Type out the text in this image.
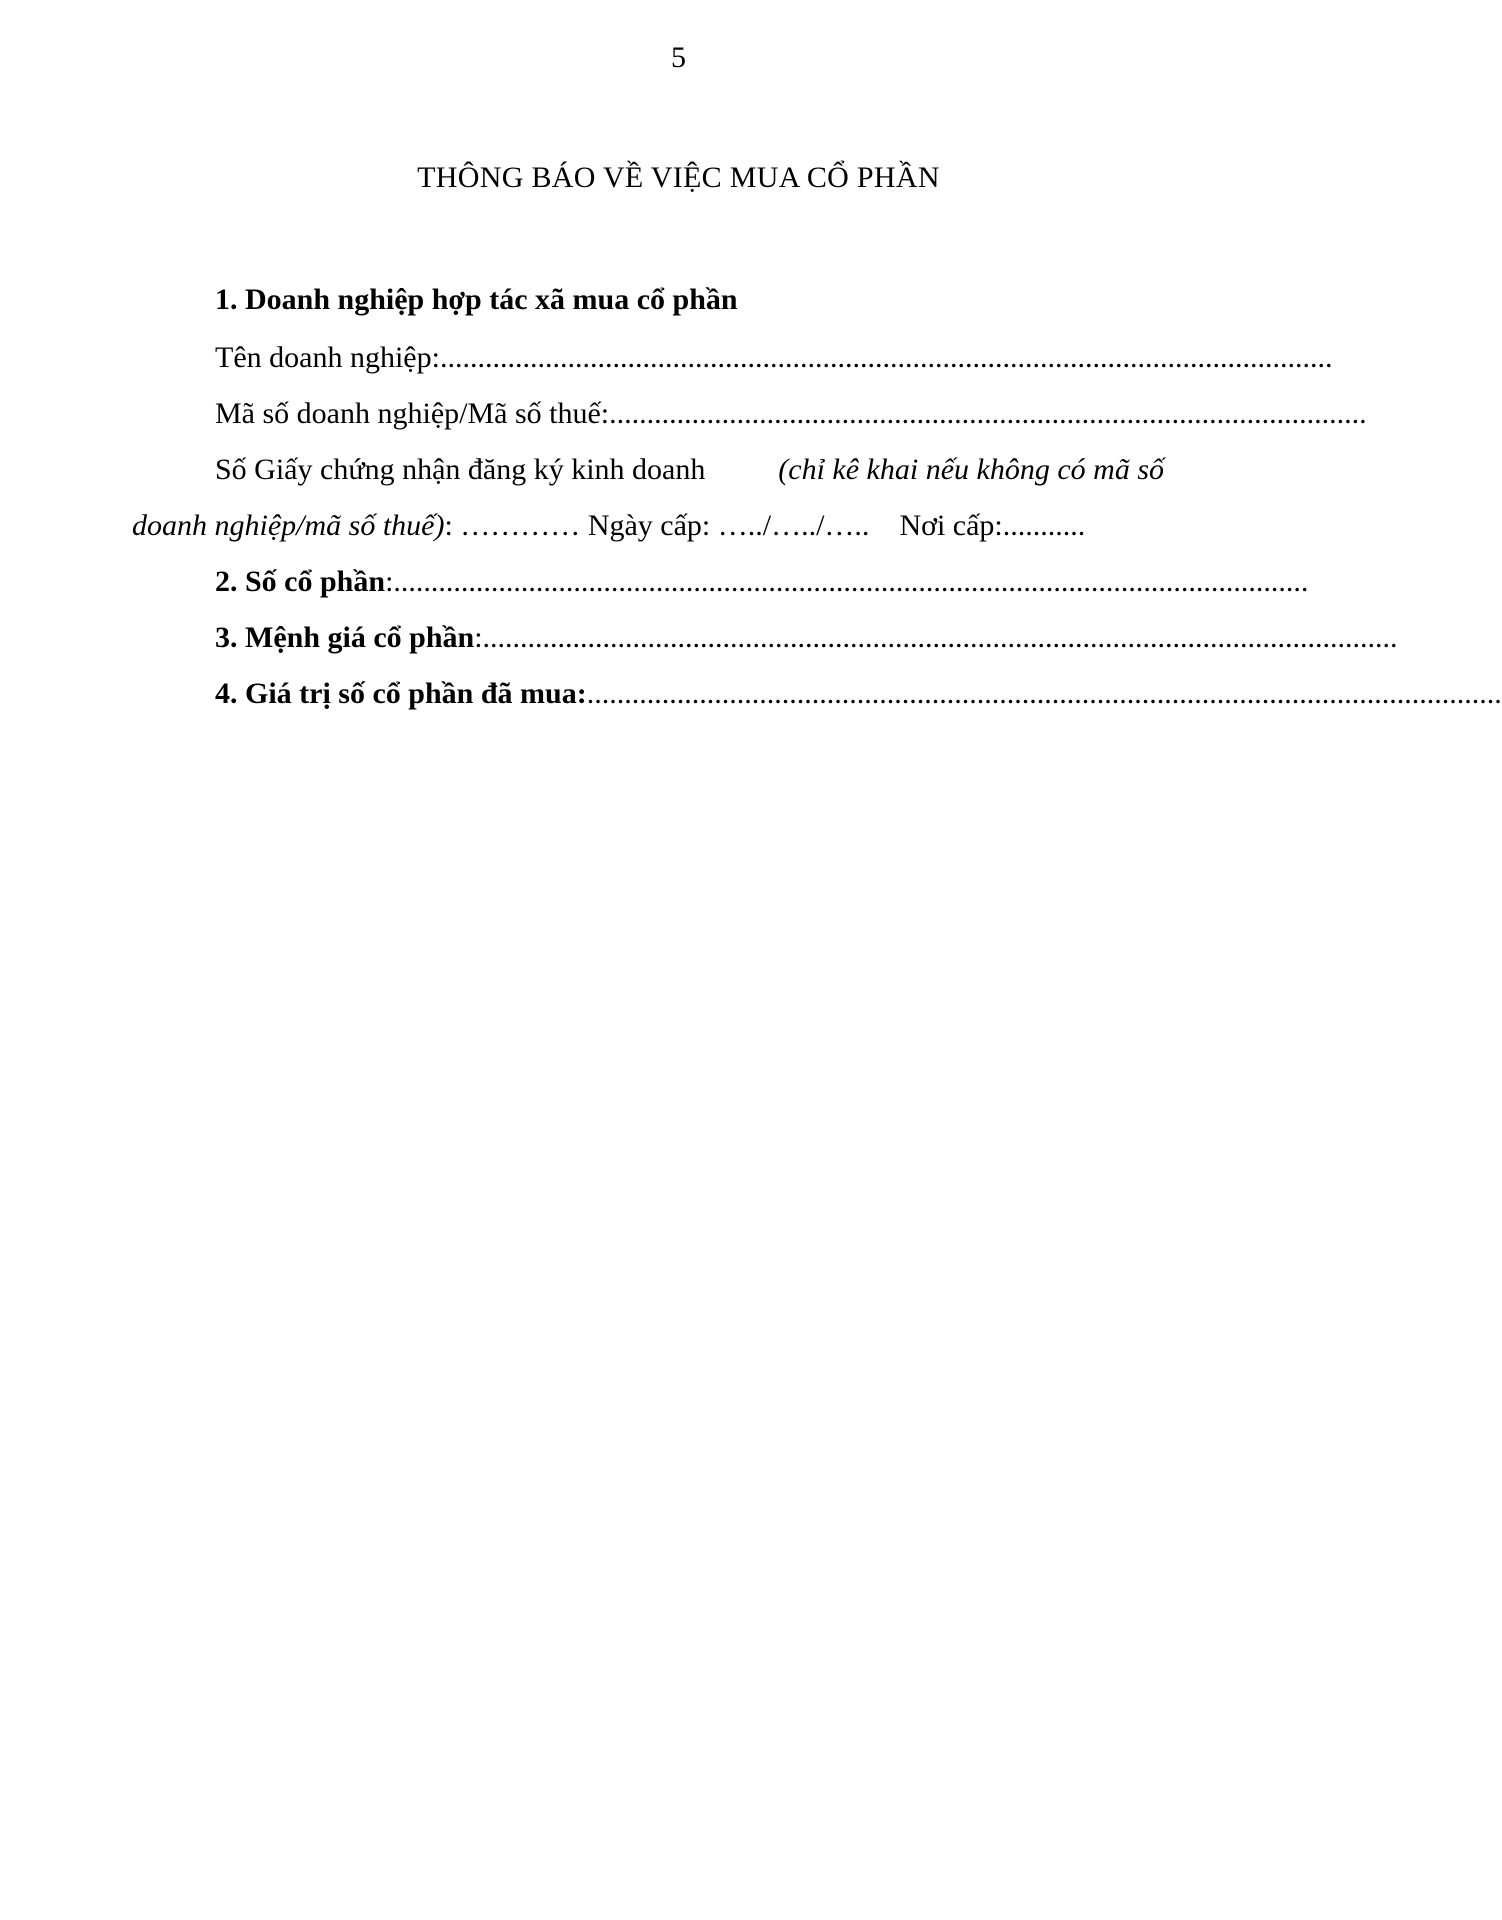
5
THÔNG BÁO VỀ VIỆC MUA CỔ PHẦN
1. Doanh nghiệp hợp tác xã mua cổ phần
Tên doanh nghiệp: .......................................................................................................................
Mã số doanh nghiệp/Mã số thuế: .....................................................................................................
Số Giấy chứng nhận đăng ký kinh doanh (chỉ kê khai nếu không có mã số
doanh nghiệp/mã số thuế) : ………… Ngày cấp: …../…../…..
Nơi cấp: ...........
2. Số cổ phần :..........................................................................................................................
3. Mệnh giá cổ phần :..........................................................................................................................
4. Giá trị số cổ phần đã mua: ..........................................................................................................................
